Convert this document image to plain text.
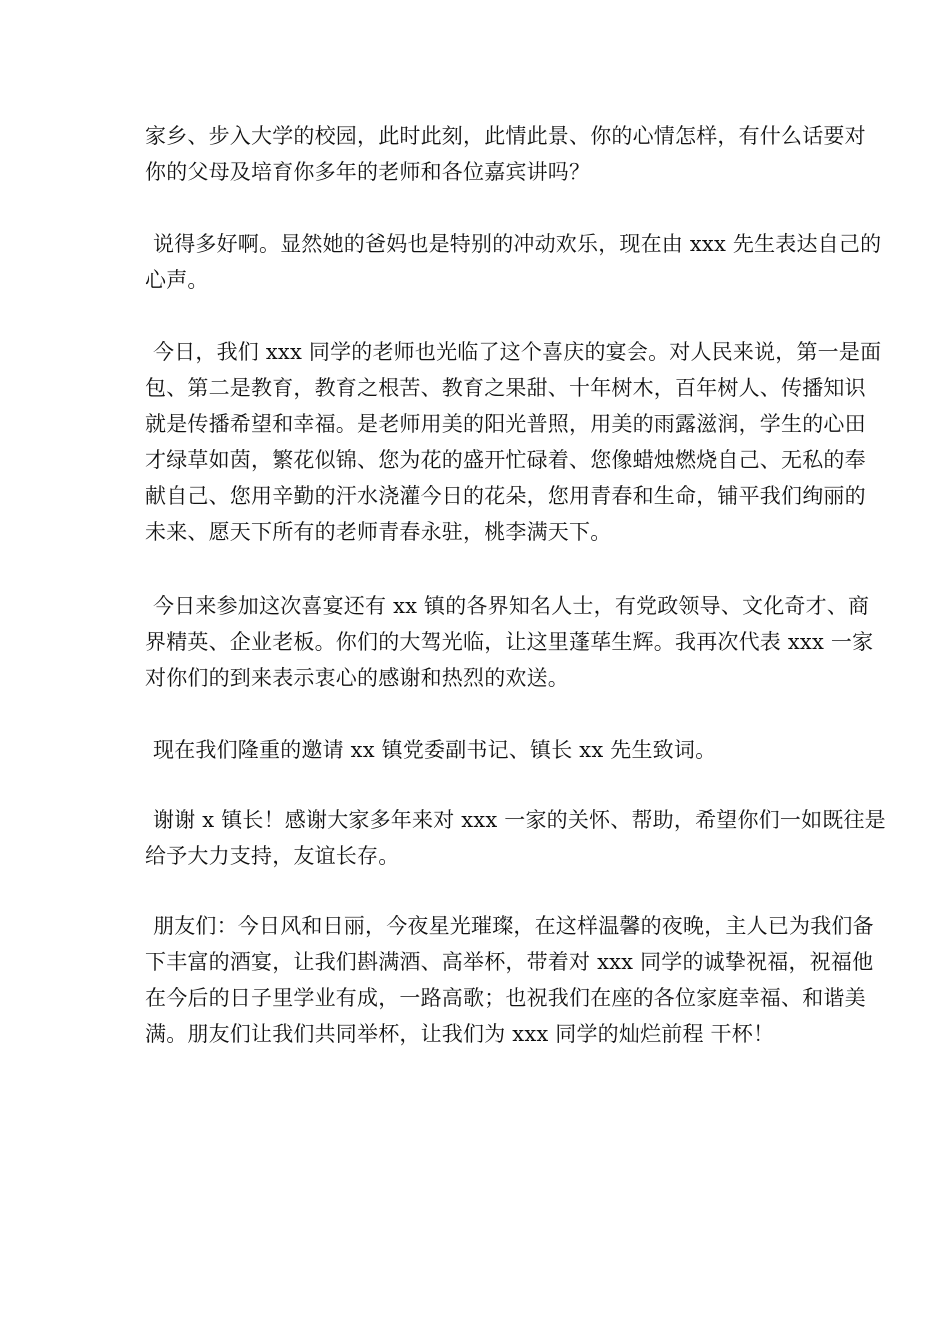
家乡、步入大学的校园，此时此刻，此情此景、你的心情怎样，有什么话要对
你的父母及培育你多年的老师和各位嘉宾讲吗？
说得多好啊。显然她的爸妈也是特别的冲动欢乐，现在由 xxx 先生表达自己的
心声。
今日，我们 xxx 同学的老师也光临了这个喜庆的宴会。对人民来说，第一是面
包、第二是教育，教育之根苦、教育之果甜、十年树木，百年树人、传播知识
就是传播希望和幸福。是老师用美的阳光普照，用美的雨露滋润，学生的心田
才绿草如茵，繁花似锦、您为花的盛开忙碌着、您像蜡烛燃烧自己、无私的奉
献自己、您用辛勤的汗水浇灌今日的花朵，您用青春和生命，铺平我们绚丽的
未来、愿天下所有的老师青春永驻，桃李满天下。
今日来参加这次喜宴还有 xx 镇的各界知名人士，有党政领导、文化奇才、商
界精英、企业老板。你们的大驾光临，让这里蓬荜生辉。我再次代表 xxx 一家
对你们的到来表示衷心的感谢和热烈的欢送。
现在我们隆重的邀请 xx 镇党委副书记、镇长 xx 先生致词。
谢谢 x 镇长！感谢大家多年来对 xxx 一家的关怀、帮助，希望你们一如既往是
给予大力支持，友谊长存。
朋友们：今日风和日丽，今夜星光璀璨，在这样温馨的夜晚，主人已为我们备
下丰富的酒宴，让我们斟满酒、高举杯，带着对 xxx 同学的诚挚祝福，祝福他
在今后的日子里学业有成，一路高歌；也祝我们在座的各位家庭幸福、和谐美
满。朋友们让我们共同举杯，让我们为 xxx 同学的灿烂前程 干杯！
